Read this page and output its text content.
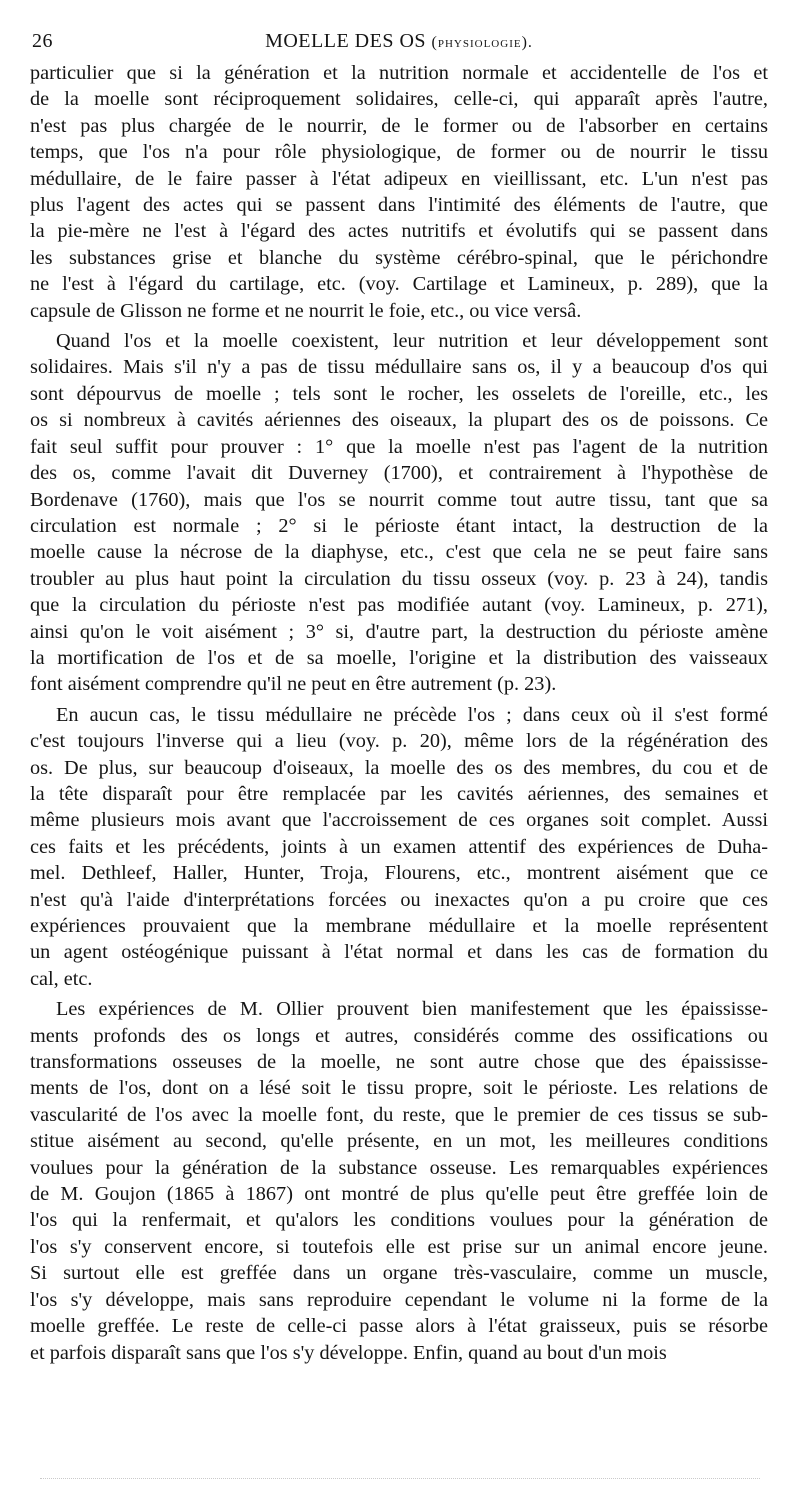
26	MOELLE DES OS (physiologie).
particulier que si la génération et la nutrition normale et accidentelle de l'os et
de la moelle sont réciproquement solidaires, celle-ci, qui apparaît après l'autre,
n'est pas plus chargée de le nourrir, de le former ou de l'absorber en certains
temps, que l'os n'a pour rôle physiologique, de former ou de nourrir le tissu
médullaire, de le faire passer à l'état adipeux en vieillissant, etc. L'un n'est pas
plus l'agent des actes qui se passent dans l'intimité des éléments de l'autre, que
la pie-mère ne l'est à l'égard des actes nutritifs et évolutifs qui se passent dans
les substances grise et blanche du système cérébro-spinal, que le périchondre
ne l'est à l'égard du cartilage, etc. (voy. Cartilage et Lamineux, p. 289), que la
capsule de Glisson ne forme et ne nourrit le foie, etc., ou vice versâ.
Quand l'os et la moelle coexistent, leur nutrition et leur développement sont
solidaires. Mais s'il n'y a pas de tissu médullaire sans os, il y a beaucoup d'os qui
sont dépourvus de moelle ; tels sont le rocher, les osselets de l'oreille, etc., les
os si nombreux à cavités aériennes des oiseaux, la plupart des os de poissons. Ce
fait seul suffit pour prouver : 1° que la moelle n'est pas l'agent de la nutrition
des os, comme l'avait dit Duverney (1700), et contrairement à l'hypothèse de
Bordenave (1760), mais que l'os se nourrit comme tout autre tissu, tant que sa
circulation est normale ; 2° si le périoste étant intact, la destruction de la
moelle cause la nécrose de la diaphyse, etc., c'est que cela ne se peut faire sans
troubler au plus haut point la circulation du tissu osseux (voy. p. 23 à 24), tandis
que la circulation du périoste n'est pas modifiée autant (voy. Lamineux, p. 271),
ainsi qu'on le voit aisément ; 3° si, d'autre part, la destruction du périoste amène
la mortification de l'os et de sa moelle, l'origine et la distribution des vaisseaux
font aisément comprendre qu'il ne peut en être autrement (p. 23).
En aucun cas, le tissu médullaire ne précède l'os ; dans ceux où il s'est formé
c'est toujours l'inverse qui a lieu (voy. p. 20), même lors de la régénération des
os. De plus, sur beaucoup d'oiseaux, la moelle des os des membres, du cou et de
la tête disparaît pour être remplacée par les cavités aériennes, des semaines et
même plusieurs mois avant que l'accroissement de ces organes soit complet. Aussi
ces faits et les précédents, joints à un examen attentif des expériences de Duha-
mel. Dethleef, Haller, Hunter, Troja, Flourens, etc., montrent aisément que ce
n'est qu'à l'aide d'interprétations forcées ou inexactes qu'on a pu croire que ces
expériences prouvaient que la membrane médullaire et la moelle représentent
un agent ostéogénique puissant à l'état normal et dans les cas de formation du
cal, etc.
Les expériences de M. Ollier prouvent bien manifestement que les épaississe-
ments profonds des os longs et autres, considérés comme des ossifications ou
transformations osseuses de la moelle, ne sont autre chose que des épaississe-
ments de l'os, dont on a lésé soit le tissu propre, soit le périoste. Les relations de
vascularité de l'os avec la moelle font, du reste, que le premier de ces tissus se sub-
stitue aisément au second, qu'elle présente, en un mot, les meilleures conditions
voulues pour la génération de la substance osseuse. Les remarquables expériences
de M. Goujon (1865 à 1867) ont montré de plus qu'elle peut être greffée loin de
l'os qui la renfermait, et qu'alors les conditions voulues pour la génération de
l'os s'y conservent encore, si toutefois elle est prise sur un animal encore jeune.
Si surtout elle est greffée dans un organe très-vasculaire, comme un muscle,
l'os s'y développe, mais sans reproduire cependant le volume ni la forme de la
moelle greffée. Le reste de celle-ci passe alors à l'état graisseux, puis se résorbe
et parfois disparaît sans que l'os s'y développe. Enfin, quand au bout d'un mois
